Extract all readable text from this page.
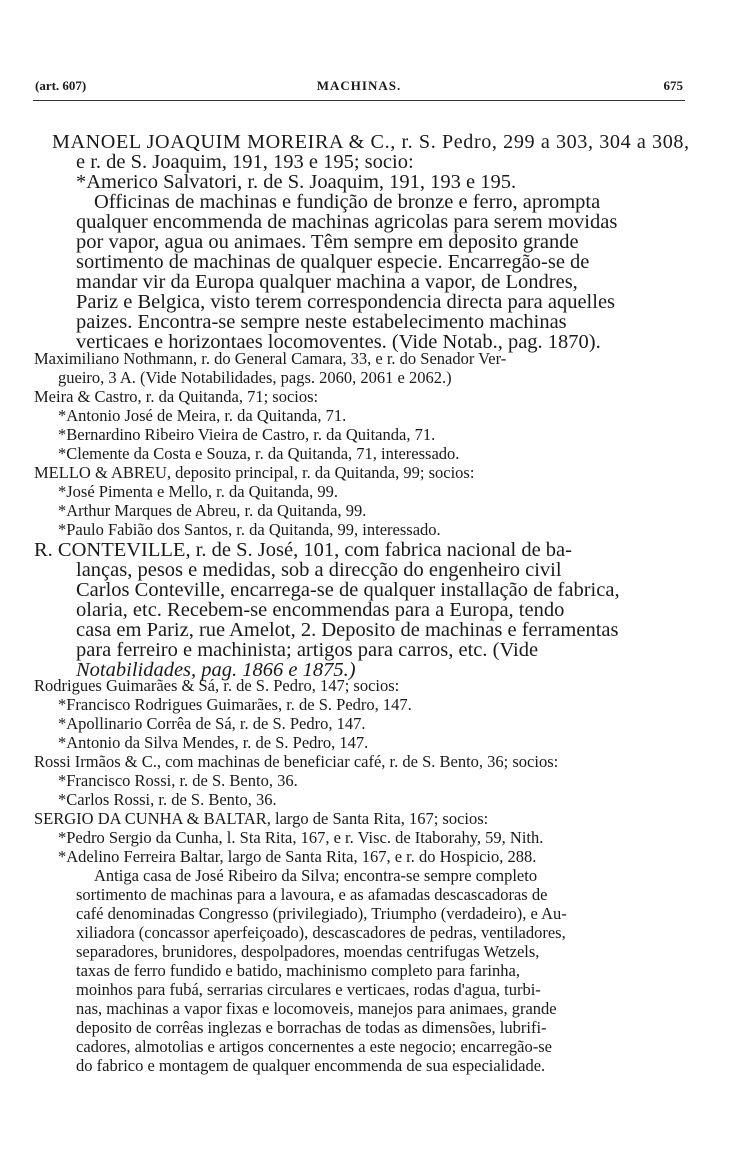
(art. 607)	MACHINAS.	675
MANOEL JOAQUIM MOREIRA & C., r. S. Pedro, 299 a 303, 304 a 308,
e r. de S. Joaquim, 191, 193 e 195; socio:
*Americo Salvatori, r. de S. Joaquim, 191, 193 e 195.
Officinas de machinas e fundição de bronze e ferro, aprompta
qualquer encommenda de machinas agricolas para serem movidas
por vapor, agua ou animaes. Têm sempre em deposito grande
sortimento de machinas de qualquer especie. Encarregão-se de
mandar vir da Europa qualquer machina a vapor, de Londres,
Pariz e Belgica, visto terem correspondencia directa para aquelles
paizes. Encontra-se sempre neste estabelecimento machinas
verticaes e horizontaes locomoventes. (Vide Notab., pag. 1870).
Maximiliano Nothmann, r. do General Camara, 33, e r. do Senador Ver-
gueiro, 3 A. (Vide Notabilidades, pags. 2060, 2061 e 2062.)
Meira & Castro, r. da Quitanda, 71; socios:
*Antonio José de Meira, r. da Quitanda, 71.
*Bernardino Ribeiro Vieira de Castro, r. da Quitanda, 71.
*Clemente da Costa e Souza, r. da Quitanda, 71, interessado.
MELLO & ABREU, deposito principal, r. da Quitanda, 99; socios:
*José Pimenta e Mello, r. da Quitanda, 99.
*Arthur Marques de Abreu, r. da Quitanda, 99.
*Paulo Fabião dos Santos, r. da Quitanda, 99, interessado.
R. CONTEVILLE, r. de S. José, 101, com fabrica nacional de ba-
lanças, pesos e medidas, sob a direcção do engenheiro civil
Carlos Conteville, encarrega-se de qualquer installação de fabrica,
olaria, etc. Recebem-se encommendas para a Europa, tendo
casa em Pariz, rue Amelot, 2. Deposito de machinas e ferramentas
para ferreiro e machinista; artigos para carros, etc. (Vide
Notabilidades, pag. 1866 e 1875.)
Rodrigues Guimarães & Sá, r. de S. Pedro, 147; socios:
*Francisco Rodrigues Guimarães, r. de S. Pedro, 147.
*Apollinario Corrêa de Sá, r. de S. Pedro, 147.
*Antonio da Silva Mendes, r. de S. Pedro, 147.
Rossi Irmãos & C., com machinas de beneficiar café, r. de S. Bento, 36; socios:
*Francisco Rossi, r. de S. Bento, 36.
*Carlos Rossi, r. de S. Bento, 36.
SERGIO DA CUNHA & BALTAR, largo de Santa Rita, 167; socios:
*Pedro Sergio da Cunha, l. Sta Rita, 167, e r. Visc. de Itaborahy, 59, Nith.
*Adelino Ferreira Baltar, largo de Santa Rita, 167, e r. do Hospicio, 288.
Antiga casa de José Ribeiro da Silva; encontra-se sempre completo
sortimento de machinas para a lavoura, e as afamadas descascadoras de
café denominadas Congresso (privilegiado), Triumpho (verdadeiro), e Au-
xiliadora (concassor aperfeiçoado), descascadores de pedras, ventiladores,
separadores, brunidores, despolpadores, moendas centrifugas Wetzels,
taxas de ferro fundido e batido, machinismo completo para farinha,
moinhos para fubá, serrarias circulares e verticaes, rodas d'agua, turbi-
nas, machinas a vapor fixas e locomoveis, manejos para animaes, grande
deposito de corrêas inglezas e borrachas de todas as dimensões, lubrifi-
cadores, almotolias e artigos concernentes a este negocio; encarregão-se
do fabrico e montagem de qualquer encommenda de sua especialidade.
